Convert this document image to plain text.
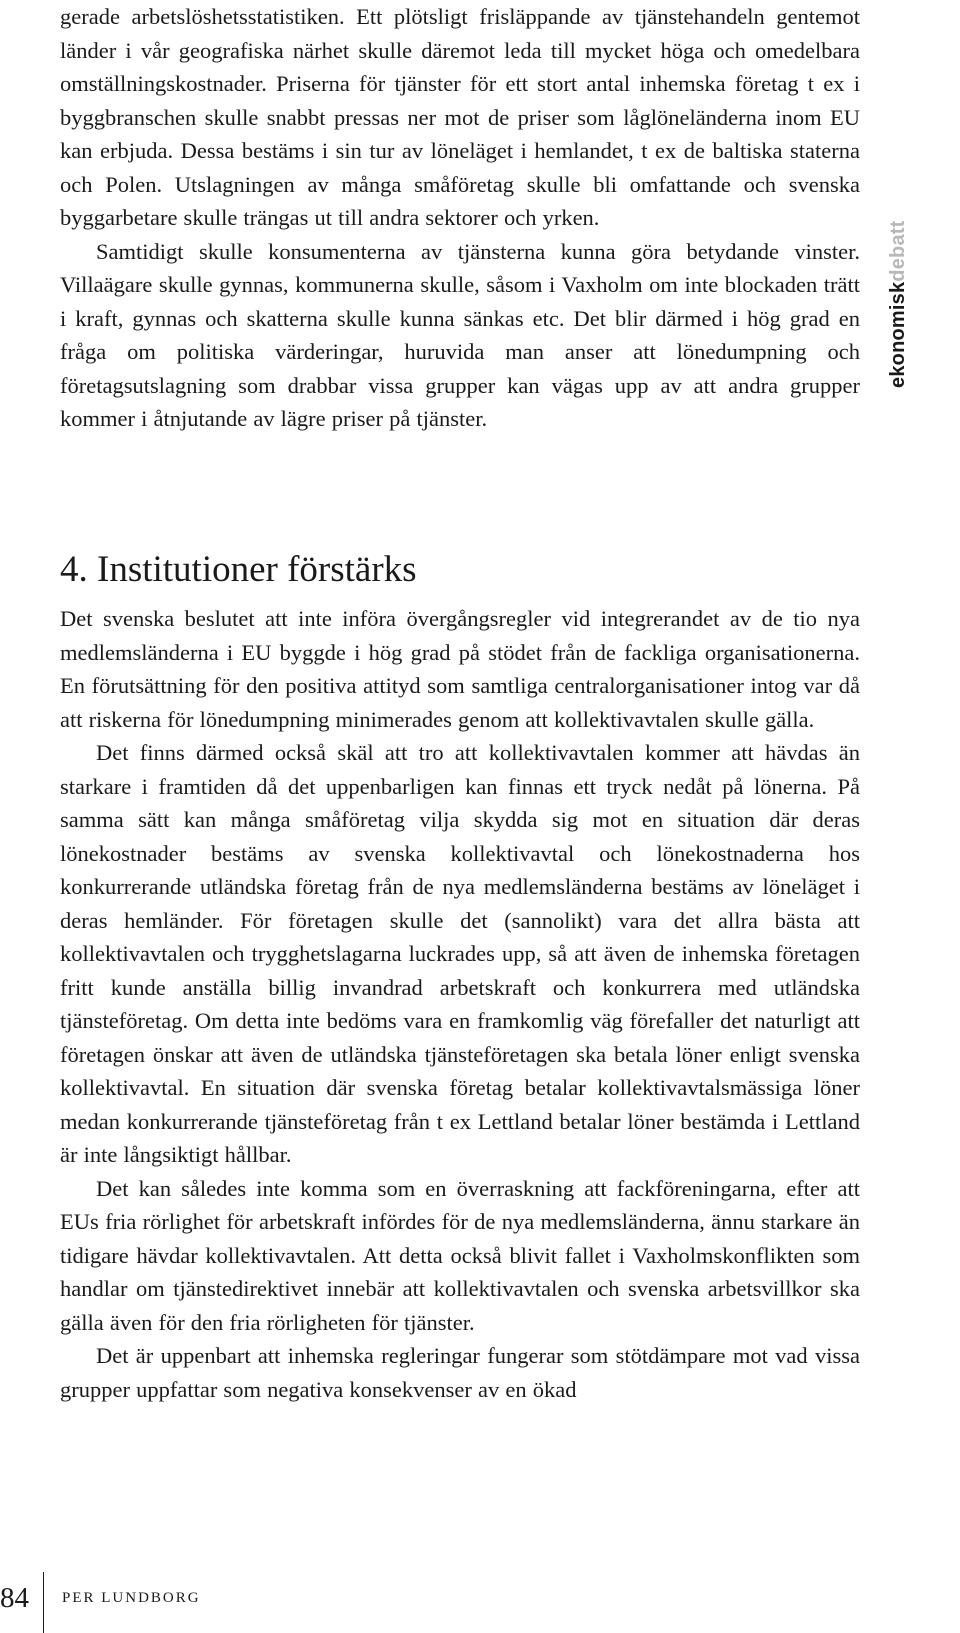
gerade arbetslöshetsstatistiken. Ett plötsligt frisläppande av tjänstehandeln gentemot länder i vår geografiska närhet skulle däremot leda till mycket höga och omedelbara omställningskostnader. Priserna för tjänster för ett stort antal inhemska företag t ex i byggbranschen skulle snabbt pressas ner mot de priser som låglöneländerna inom EU kan erbjuda. Dessa bestäms i sin tur av löneläget i hemlandet, t ex de baltiska staterna och Polen. Utslagningen av många småföretag skulle bli omfattande och svenska byggarbetare skulle trängas ut till andra sektorer och yrken.

Samtidigt skulle konsumenterna av tjänsterna kunna göra betydande vinster. Villaägare skulle gynnas, kommunerna skulle, såsom i Vaxholm om inte blockaden trätt i kraft, gynnas och skatterna skulle kunna sänkas etc. Det blir därmed i hög grad en fråga om politiska värderingar, huruvida man anser att lönedumpning och företagsutslagning som drabbar vissa grupper kan vägas upp av att andra grupper kommer i åtnjutande av lägre priser på tjänster.

4. Institutioner förstärks

Det svenska beslutet att inte införa övergångsregler vid integrerandet av de tio nya medlemsländerna i EU byggde i hög grad på stödet från de fackliga organisationerna. En förutsättning för den positiva attityd som samtliga centralorganisationer intog var då att riskerna för lönedumpning minimerades genom att kollektivavtalen skulle gälla.

Det finns därmed också skäl att tro att kollektivavtalen kommer att hävdas än starkare i framtiden då det uppenbarligen kan finnas ett tryck nedåt på lönerna. På samma sätt kan många småföretag vilja skydda sig mot en situation där deras lönekostnader bestäms av svenska kollektivavtal och lönekostnaderna hos konkurrerande utländska företag från de nya medlemsländerna bestäms av löneläget i deras hemländer. För företagen skulle det (sannolikt) vara det allra bästa att kollektivavtalen och trygghetslagarna luckrades upp, så att även de inhemska företagen fritt kunde anställa billig invandrad arbetskraft och konkurrera med utländska tjänsteföretag. Om detta inte bedöms vara en framkomlig väg förefaller det naturligt att företagen önskar att även de utländska tjänsteföretagen ska betala löner enligt svenska kollektivavtal. En situation där svenska företag betalar kollektivavtalsmässiga löner medan konkurrerande tjänsteföretag från t ex Lettland betalar löner bestämda i Lettland är inte långsiktigt hållbar.

Det kan således inte komma som en överraskning att fackföreningarna, efter att EUs fria rörlighet för arbetskraft infördes för de nya medlemsländerna, ännu starkare än tidigare hävdar kollektivavtalen. Att detta också blivit fallet i Vaxholmskonflikten som handlar om tjänstedirektivet innebär att kollektivavtalen och svenska arbetsvillkor ska gälla även för den fria rörligheten för tjänster.

Det är uppenbart att inhemska regleringar fungerar som stötdämpare mot vad vissa grupper uppfattar som negativa konsekvenser av en ökad

ekonomiskdebatt
84 PER LUNDBORG
